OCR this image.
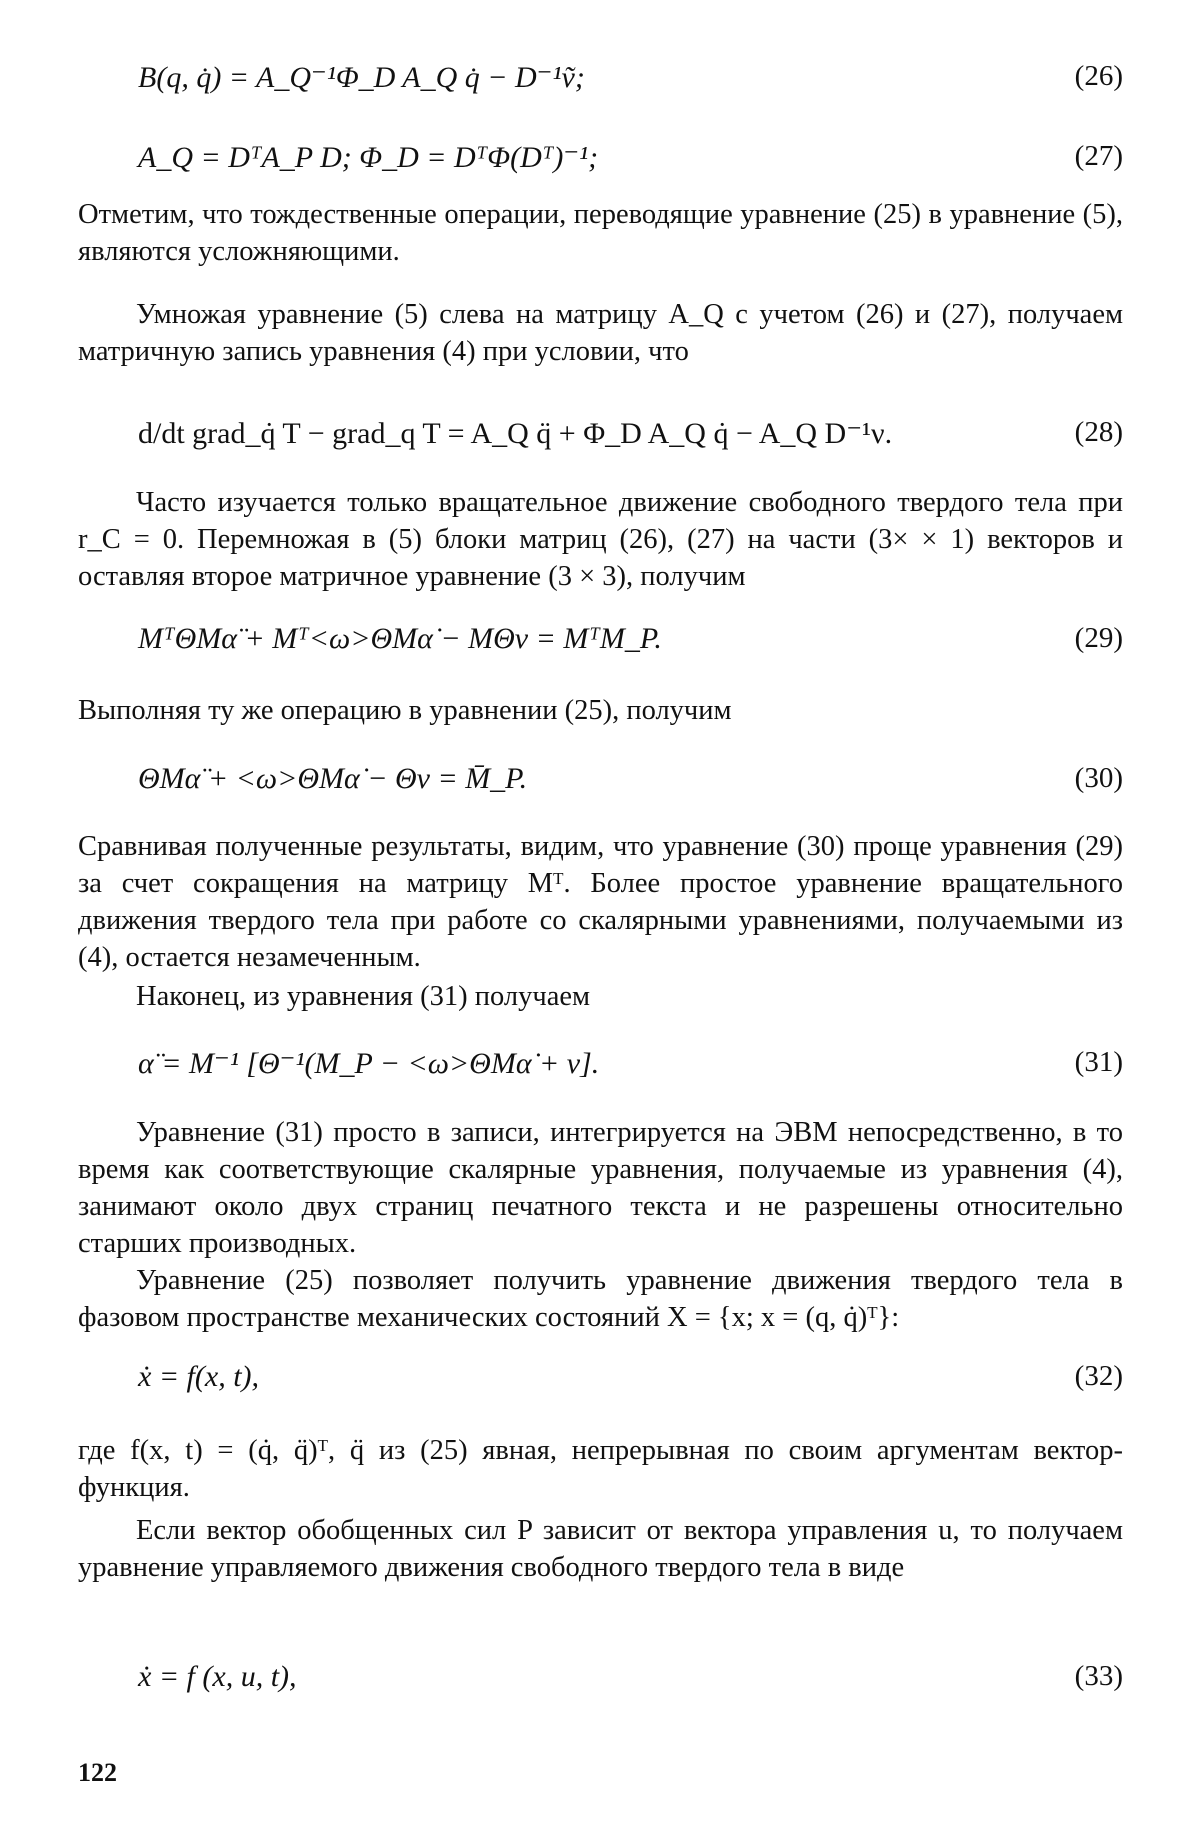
B(q, q̇) = A_Q⁻¹Φ_D A_Q q̇ − D⁻¹ṽ;	(26)
A_Q = DᵀA_P D; Φ_D = DᵀΦ(Dᵀ)⁻¹;	(27)

Отметим, что тождественные операции, переводящие уравнение (25) в уравнение (5), являются усложняющими.

Умножая уравнение (5) слева на матрицу A_Q с учетом (26) и (27), получаем матричную запись уравнения (4) при условии, что

d/dt grad_q̇ T − grad_q T = A_Q q̈ + Φ_D A_Q q̇ − A_Q D⁻¹ν.	(28)

Часто изучается только вращательное движение свободного твердого тела при r_C = 0. Перемножая в (5) блоки матриц (26), (27) на части (3× × 1) векторов и оставляя второе матричное уравнение (3 × 3), получим

MᵀΘMα̈ + Mᵀ<ω>ΘMα̇ − MΘν = MᵀM_P.	(29)

Выполняя ту же операцию в уравнении (25), получим

ΘMα̈ + <ω>ΘMα̇ − Θν = M̄_P.	(30)

Сравнивая полученные результаты, видим, что уравнение (30) проще уравнения (29) за счет сокращения на матрицу Mᵀ. Более простое уравнение вращательного движения твердого тела при работе со скалярными уравнениями, получаемыми из (4), остается незамеченным.

Наконец, из уравнения (31) получаем

α̈ = M⁻¹ [Θ⁻¹(M_P − <ω>ΘMα̇ + ν].	(31)

Уравнение (31) просто в записи, интегрируется на ЭВМ непосредственно, в то время как соответствующие скалярные уравнения, получаемые из уравнения (4), занимают около двух страниц печатного текста и не разрешены относительно старших производных.

Уравнение (25) позволяет получить уравнение движения твердого тела в фазовом пространстве механических состояний X = {x; x = (q, q̇)ᵀ}:

ẋ = f(x, t),	(32)

где f(x, t) = (q̇, q̈)ᵀ, q̈ из (25) явная, непрерывная по своим аргументам вектор-функция.

Если вектор обобщенных сил P зависит от вектора управления u, то получаем уравнение управляемого движения свободного твердого тела в виде

ẋ = f (x, u, t),	(33)
122
